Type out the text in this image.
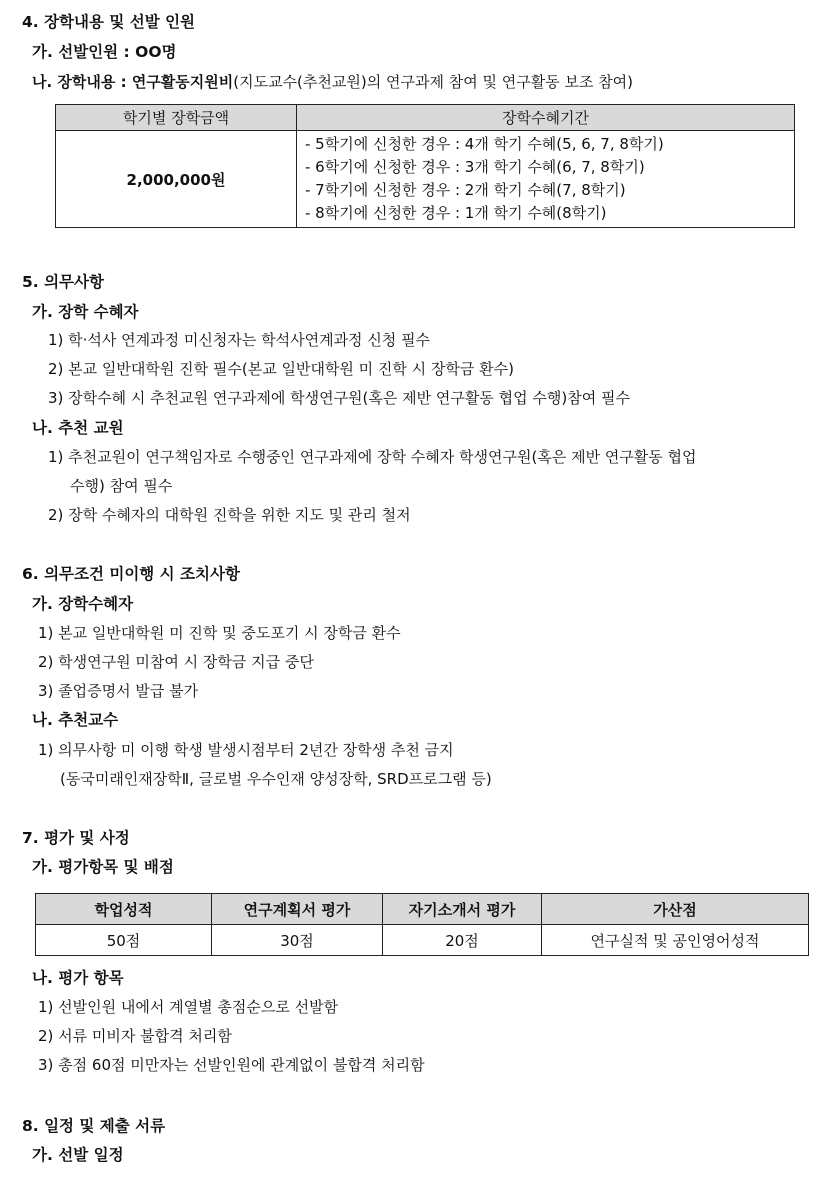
4. 장학내용 및 선발 인원
가. 선발인원 : OO명
나. 장학내용 : 연구활동지원비(지도교수(추천교원)의 연구과제 참여 및 연구활동 보조 참여)
학기별 장학금액	장학수혜기간
2,000,000원	- 5학기에 신청한 경우 : 4개 학기 수혜(5, 6, 7, 8학기)
- 6학기에 신청한 경우 : 3개 학기 수혜(6, 7, 8학기)
- 7학기에 신청한 경우 : 2개 학기 수혜(7, 8학기)
- 8학기에 신청한 경우 : 1개 학기 수혜(8학기)
5. 의무사항
가. 장학 수혜자
1) 학·석사 연계과정 미신청자는 학석사연계과정 신청 필수
2) 본교 일반대학원 진학 필수(본교 일반대학원 미 진학 시 장학금 환수)
3) 장학수혜 시 추천교원 연구과제에 학생연구원(혹은 제반 연구활동 협업 수행)참여 필수
나. 추천 교원
1) 추천교원이 연구책임자로 수행중인 연구과제에 장학 수혜자 학생연구원(혹은 제반 연구활동 협업
수행) 참여 필수
2) 장학 수혜자의 대학원 진학을 위한 지도 및 관리 철저
6. 의무조건 미이행 시 조치사항
가. 장학수혜자
1) 본교 일반대학원 미 진학 및 중도포기 시 장학금 환수
2) 학생연구원 미참여 시 장학금 지급 중단
3) 졸업증명서 발급 불가
나. 추천교수
1) 의무사항 미 이행 학생 발생시점부터 2년간 장학생 추천 금지
(동국미래인재장학Ⅱ, 글로벌 우수인재 양성장학, SRD프로그램 등)
7. 평가 및 사정
가. 평가항목 및 배점
학업성적	연구계획서 평가	자기소개서 평가	가산점
50점	30점	20점	연구실적 및 공인영어성적
나. 평가 항목
1) 선발인원 내에서 계열별 총점순으로 선발함
2) 서류 미비자 불합격 처리함
3) 총점 60점 미만자는 선발인원에 관계없이 불합격 처리함
8. 일정 및 제출 서류
가. 선발 일정
